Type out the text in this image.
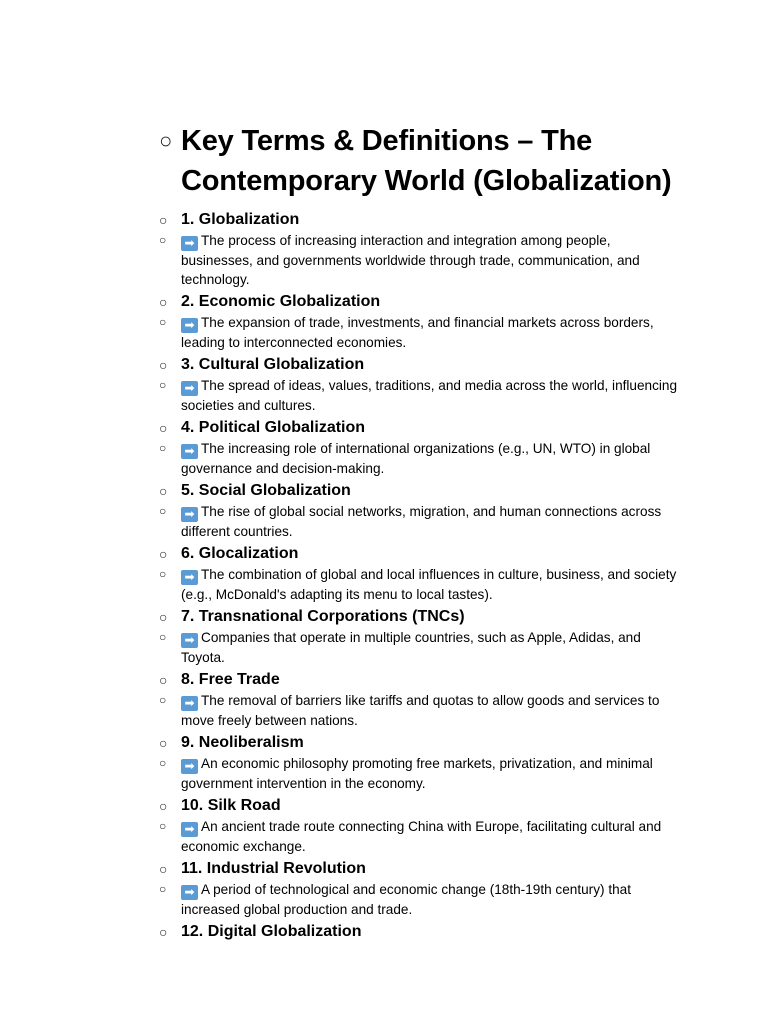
○ Key Terms & Definitions – The Contemporary World (Globalization)
○ 1. Globalization
○	➡ The process of increasing interaction and integration among people, businesses, and governments worldwide through trade, communication, and technology.
○ 2. Economic Globalization
○	➡ The expansion of trade, investments, and financial markets across borders, leading to interconnected economies.
○ 3. Cultural Globalization
○	➡ The spread of ideas, values, traditions, and media across the world, influencing societies and cultures.
○ 4. Political Globalization
○	➡ The increasing role of international organizations (e.g., UN, WTO) in global governance and decision-making.
○ 5. Social Globalization
○	➡ The rise of global social networks, migration, and human connections across different countries.
○ 6. Glocalization
○	➡ The combination of global and local influences in culture, business, and society (e.g., McDonald's adapting its menu to local tastes).
○ 7. Transnational Corporations (TNCs)
○	➡ Companies that operate in multiple countries, such as Apple, Adidas, and Toyota.
○ 8. Free Trade
○	➡ The removal of barriers like tariffs and quotas to allow goods and services to move freely between nations.
○ 9. Neoliberalism
○	➡ An economic philosophy promoting free markets, privatization, and minimal government intervention in the economy.
○ 10. Silk Road
○	➡ An ancient trade route connecting China with Europe, facilitating cultural and economic exchange.
○ 11. Industrial Revolution
○	➡ A period of technological and economic change (18th-19th century) that increased global production and trade.
○ 12. Digital Globalization
